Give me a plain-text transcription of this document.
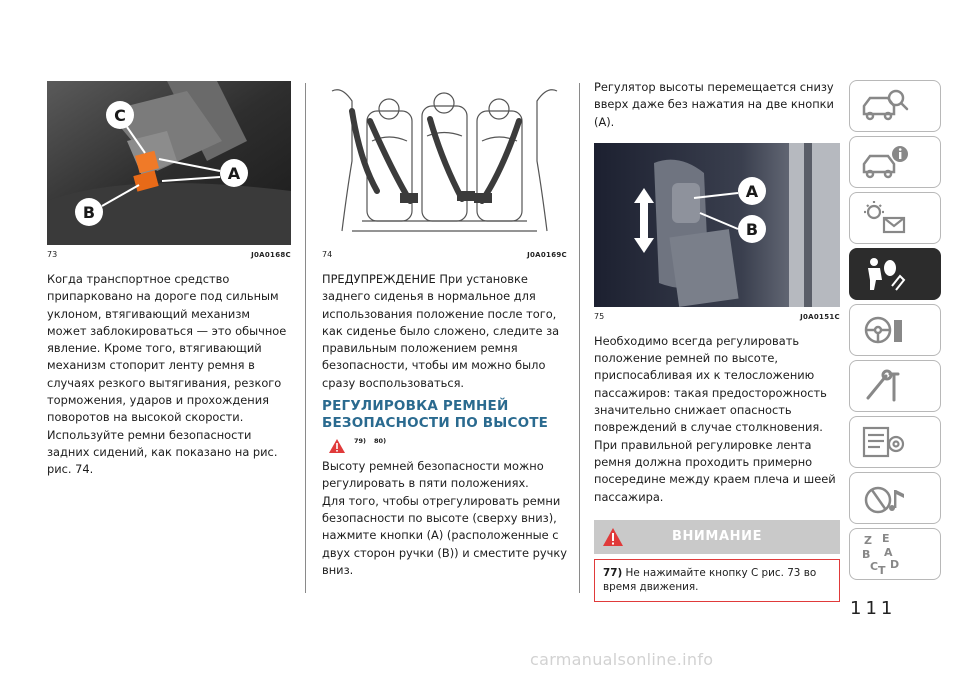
C
A
B
73	J0A0168C

Когда транспортное средство припарковано на дороге под сильным уклоном, втягивающий механизм может заблокироваться — это обычное явление. Кроме того, втягивающий механизм стопорит ленту ремня в случаях резкого вытягивания, резкого торможения, ударов и прохождения поворотов на высокой скорости.

Используйте ремни безопасности задних сидений, как показано на рис. рис. 74.

74	J0A0169C

ПРЕДУПРЕЖДЕНИЕ При установке заднего сиденья в нормальное для использования положение после того, как сиденье было сложено, следите за правильным положением ремня безопасности, чтобы им можно было сразу воспользоваться.

РЕГУЛИРОВКА РЕМНЕЙ БЕЗОПАСНОСТИ ПО ВЫСОТЕ
79) 80)

Высоту ремней безопасности можно регулировать в пяти положениях.

Для того, чтобы отрегулировать ремни безопасности по высоте (сверху вниз), нажмите кнопки (A) (расположенные с двух сторон ручки (B)) и сместите ручку вниз.

Регулятор высоты перемещается снизу вверх даже без нажатия на две кнопки (A).

A
B
75	J0A0151C

Необходимо всегда регулировать положение ремней по высоте, приспосабливая их к телосложению пассажиров: такая предосторожность значительно снижает опасность повреждений в случае столкновения.

При правильной регулировке лента ремня должна проходить примерно посередине между краем плеча и шеей пассажира.

ВНИМАНИЕ
77) Не нажимайте кнопку C рис. 73 во время движения.
Z E
B A
C T D
111
carmanualsonline.info
